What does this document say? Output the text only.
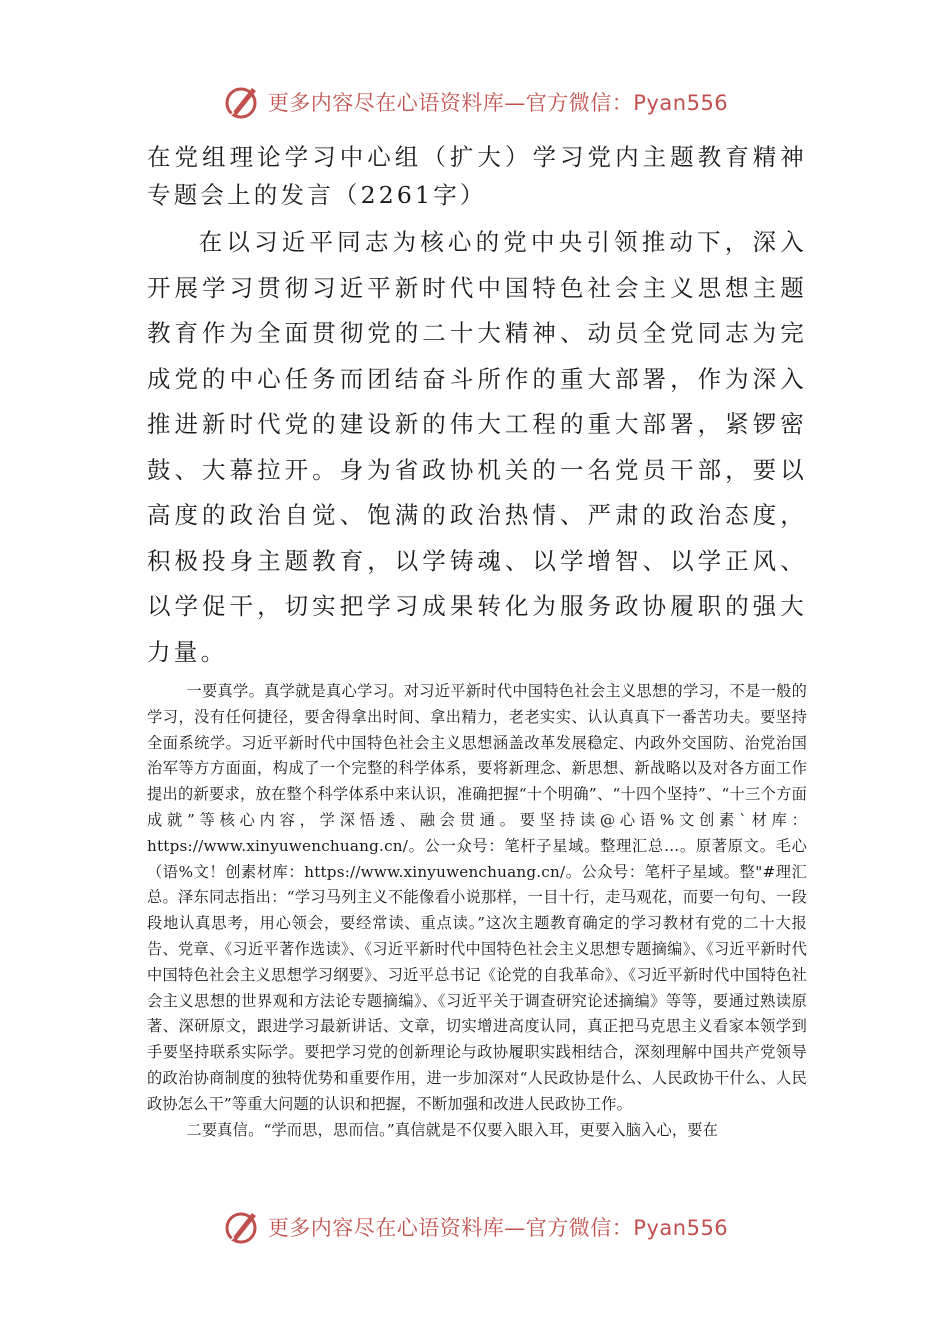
更多内容尽在心语资料库—官方微信：Pyan556
在党组理论学习中心组（扩大）学习党内主题教育精神专题会上的发言（2261字）

在以习近平同志为核心的党中央引领推动下，深入开展学习贯彻习近平新时代中国特色社会主义思想主题教育作为全面贯彻党的二十大精神、动员全党同志为完成党的中心任务而团结奋斗所作的重大部署，作为深入推进新时代党的建设新的伟大工程的重大部署，紧锣密鼓、大幕拉开。身为省政协机关的一名党员干部，要以高度的政治自觉、饱满的政治热情、严肃的政治态度，积极投身主题教育，以学铸魂、以学增智、以学正风、以学促干，切实把学习成果转化为服务政协履职的强大力量。

一要真学。真学就是真心学习。对习近平新时代中国特色社会主义思想的学习，不是一般的学习，没有任何捷径，要舍得拿出时间、拿出精力，老老实实、认认真真下一番苦功夫。要坚持全面系统学。习近平新时代中国特色社会主义思想涵盖改革发展稳定、内政外交国防、治党治国治军等方方面面，构成了一个完整的科学体系，要将新理念、新思想、新战略以及对各方面工作提出的新要求，放在整个科学体系中来认识，准确把握“十个明确”、“十四个坚持”、“十三个方面成就”等核心内容，学深悟透、融会贯通。要坚持读@心语%文创素`材库：https://www.xinyuwenchuang.cn/。公一众号：笔杆子星域。整理汇总…。原著原文。毛心（语%文！创素材库：https://www.xinyuwenchuang.cn/。公众号：笔杆子星域。整"#理汇总。泽东同志指出：“学习马列主义不能像看小说那样，一目十行，走马观花，而要一句句、一段段地认真思考，用心领会，要经常读、重点读。”这次主题教育确定的学习教材有党的二十大报告、党章、《习近平著作选读》、《习近平新时代中国特色社会主义思想专题摘编》、《习近平新时代中国特色社会主义思想学习纲要》、习近平总书记《论党的自我革命》、《习近平新时代中国特色社会主义思想的世界观和方法论专题摘编》、《习近平关于调查研究论述摘编》等等，要通过熟读原著、深研原文，跟进学习最新讲话、文章，切实增进高度认同，真正把马克思主义看家本领学到手要坚持联系实际学。要把学习党的创新理论与政协履职实践相结合，深刻理解中国共产党领导的政治协商制度的独特优势和重要作用，进一步加深对“人民政协是什么、人民政协干什么、人民政协怎么干”等重大问题的认识和把握，不断加强和改进人民政协工作。

二要真信。“学而思，思而信。”真信就是不仅要入眼入耳，更要入脑入心，要在

更多内容尽在心语资料库—官方微信：Pyan556
